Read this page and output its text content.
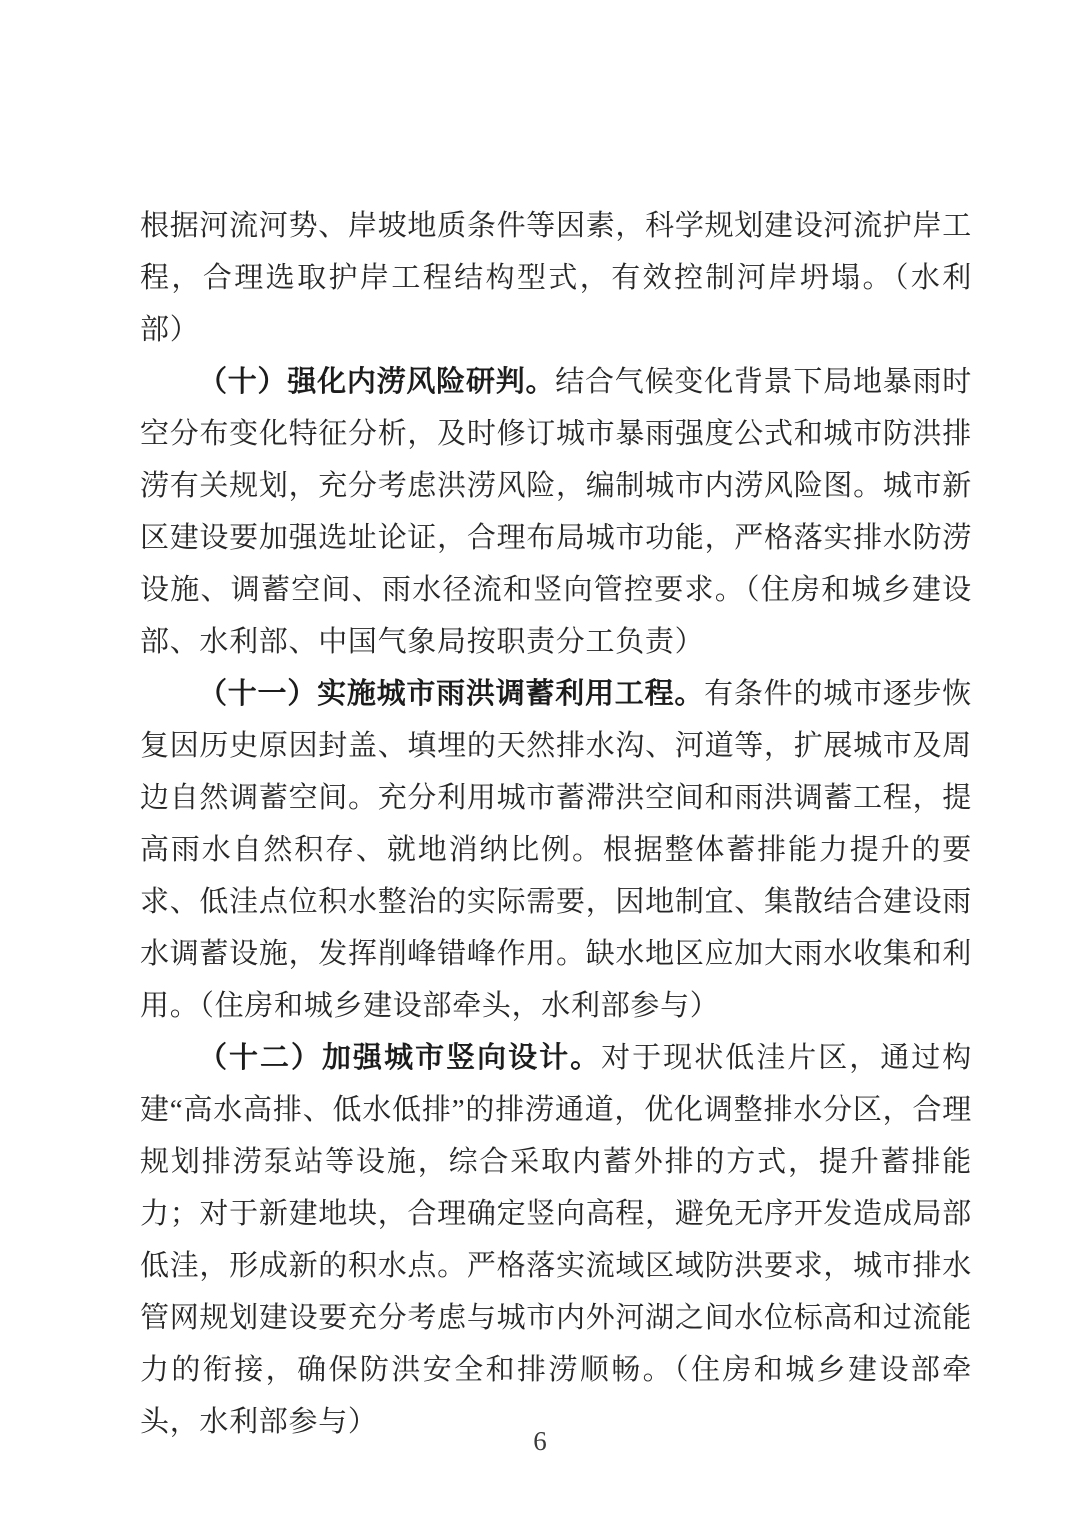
根据河流河势、岸坡地质条件等因素，科学规划建设河流护岸工程，合理选取护岸工程结构型式，有效控制河岸坍塌。（水利部）

（十）强化内涝风险研判。结合气候变化背景下局地暴雨时空分布变化特征分析，及时修订城市暴雨强度公式和城市防洪排涝有关规划，充分考虑洪涝风险，编制城市内涝风险图。城市新区建设要加强选址论证，合理布局城市功能，严格落实排水防涝设施、调蓄空间、雨水径流和竖向管控要求。（住房和城乡建设部、水利部、中国气象局按职责分工负责）

（十一）实施城市雨洪调蓄利用工程。有条件的城市逐步恢复因历史原因封盖、填埋的天然排水沟、河道等，扩展城市及周边自然调蓄空间。充分利用城市蓄滞洪空间和雨洪调蓄工程，提高雨水自然积存、就地消纳比例。根据整体蓄排能力提升的要求、低洼点位积水整治的实际需要，因地制宜、集散结合建设雨水调蓄设施，发挥削峰错峰作用。缺水地区应加大雨水收集和利用。（住房和城乡建设部牵头，水利部参与）

（十二）加强城市竖向设计。对于现状低洼片区，通过构建“高水高排、低水低排”的排涝通道，优化调整排水分区，合理规划排涝泵站等设施，综合采取内蓄外排的方式，提升蓄排能力；对于新建地块，合理确定竖向高程，避免无序开发造成局部低洼，形成新的积水点。严格落实流域区域防洪要求，城市排水管网规划建设要充分考虑与城市内外河湖之间水位标高和过流能力的衔接，确保防洪安全和排涝顺畅。（住房和城乡建设部牵头，水利部参与）

6
